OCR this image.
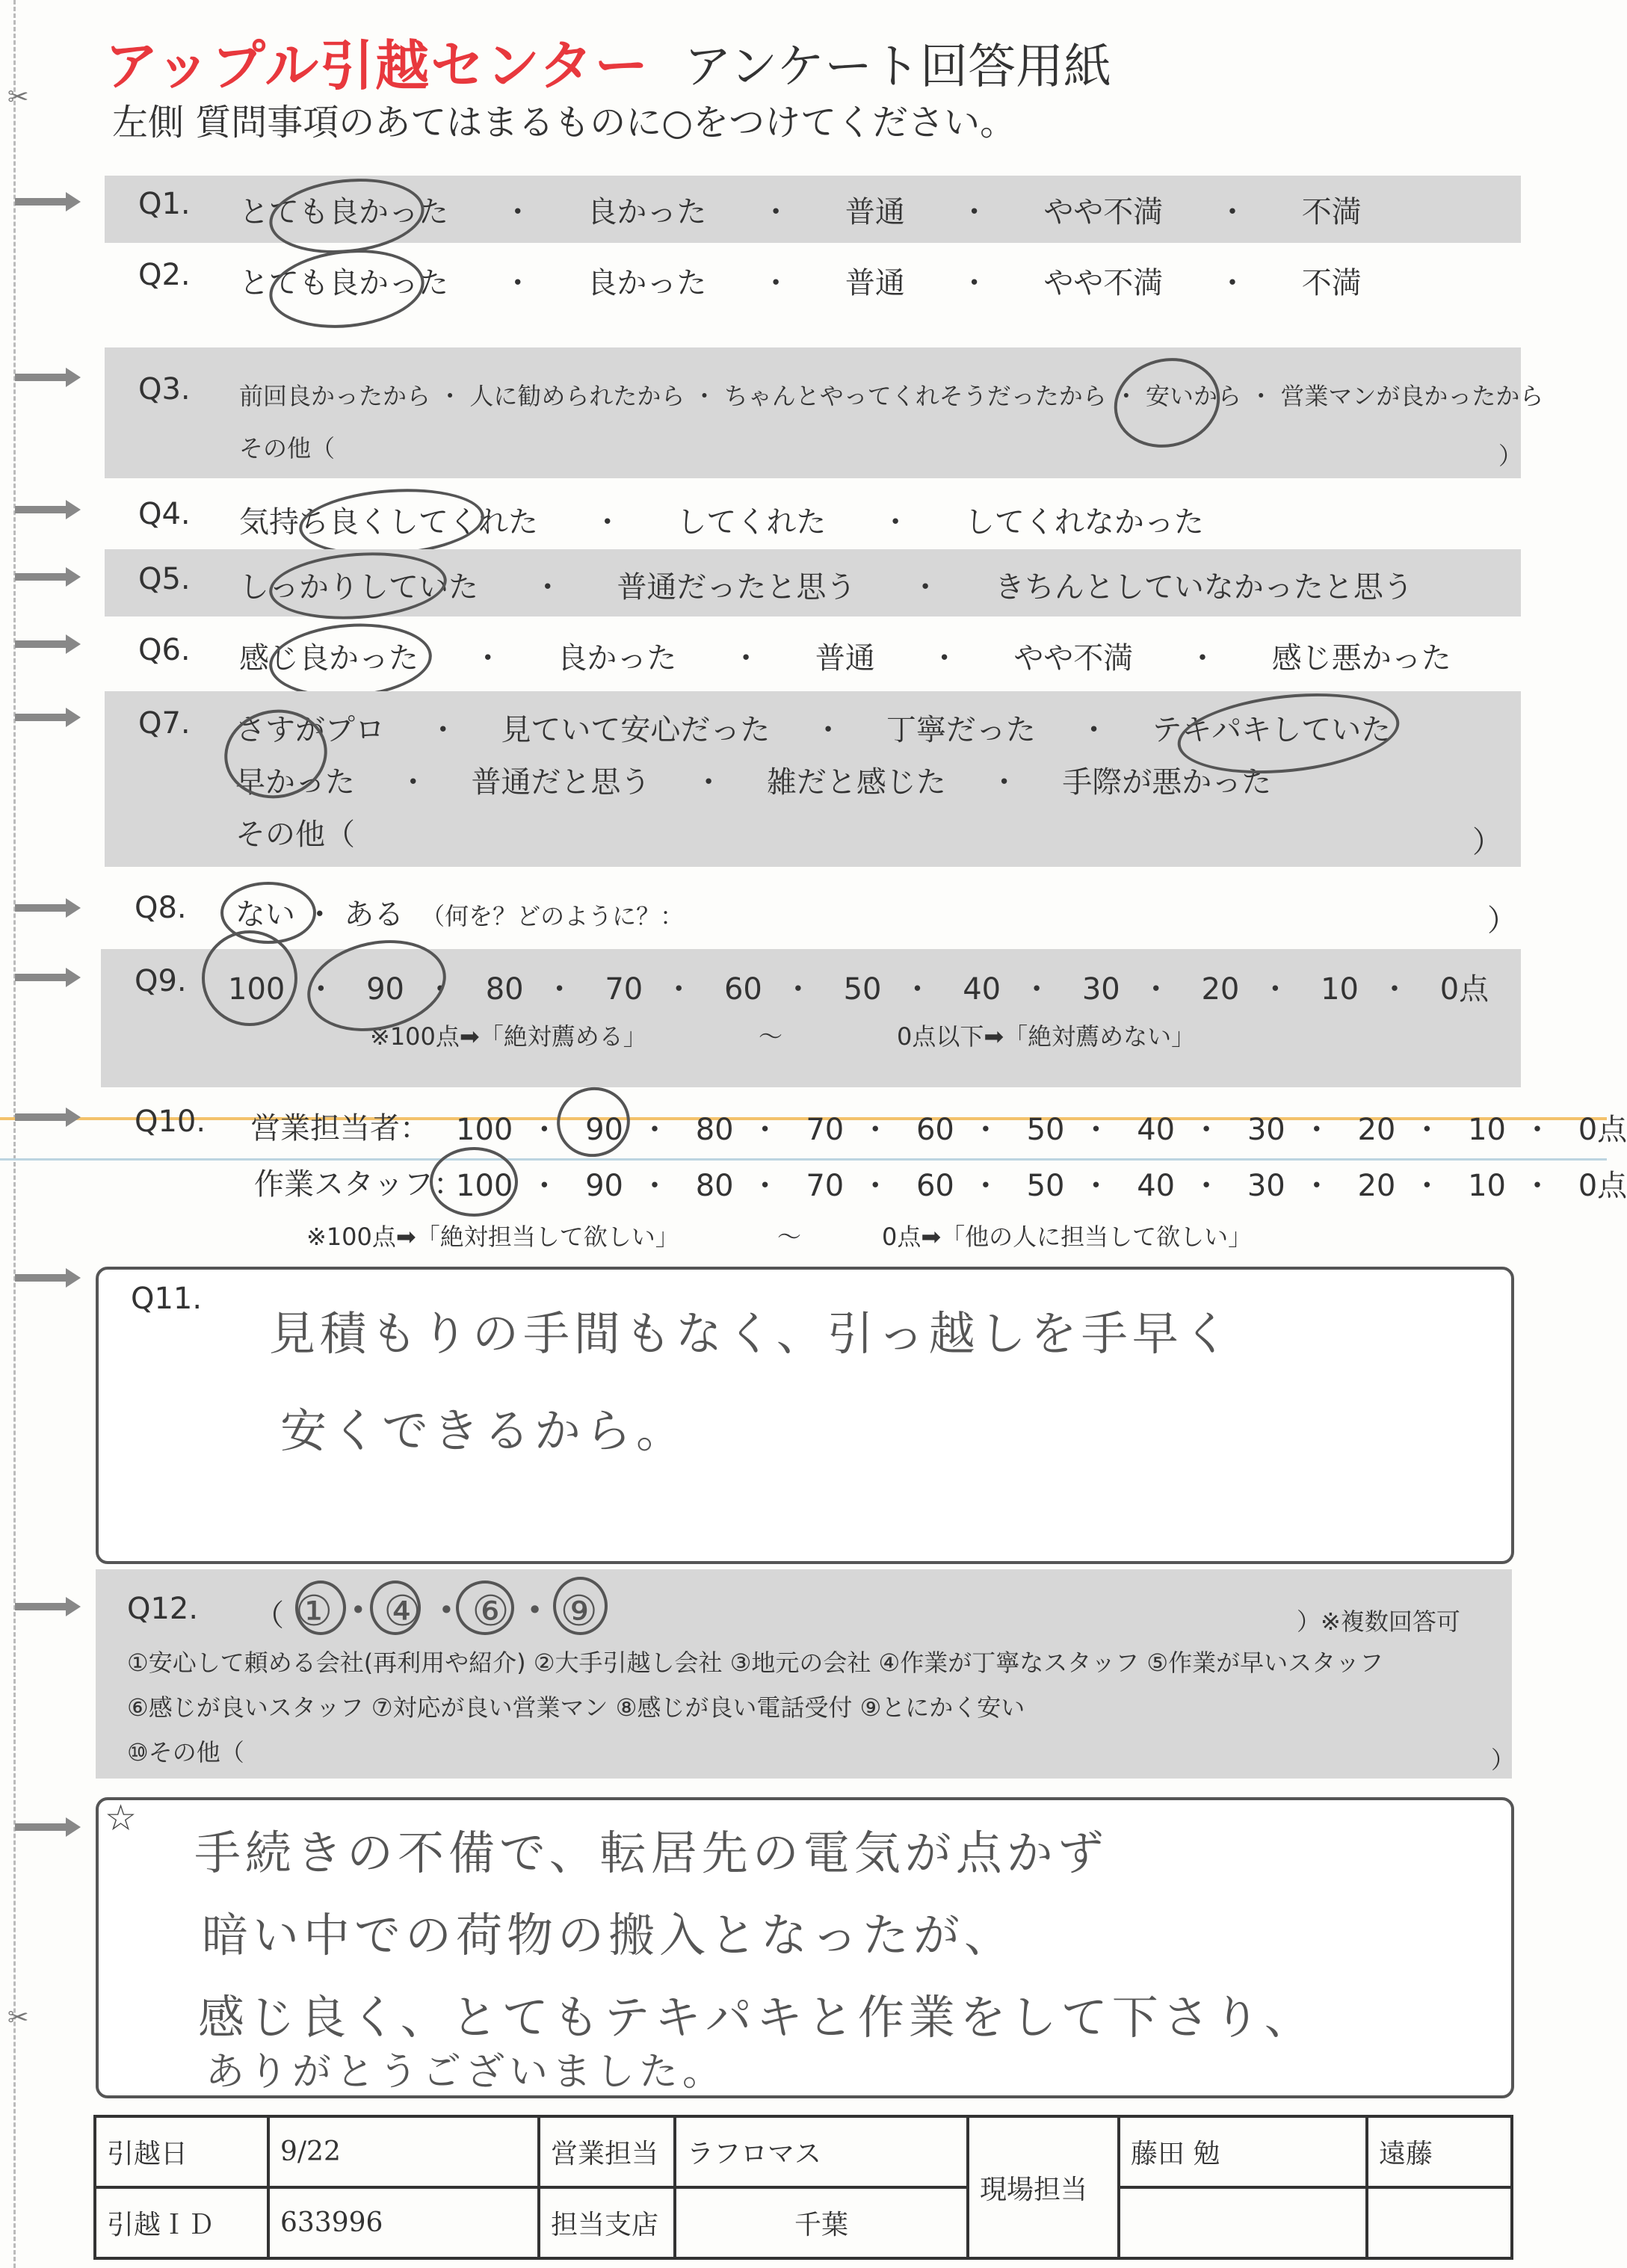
✂
✂
アップル引越センター アンケート回答用紙
左側 質問事項のあてはまるものに○をつけてください。
Q1. とても良かった ・ 良かった ・ 普通 ・ やや不満 ・ 不満
Q2. とても良かった ・ 良かった ・ 普通 ・ やや不満 ・ 不満
Q3. 前回良かったから ・ 人に勧められたから ・ ちゃんとやってくれそうだったから ・ 安いから ・ 営業マンが良かったから
その他（	）
Q4. 気持ち良くしてくれた ・ してくれた ・ してくれなかった
Q5. しっかりしていた ・ 普通だったと思う ・ きちんとしていなかったと思う
Q6. 感じ良かった ・ 良かった ・ 普通 ・ やや不満 ・ 感じ悪かった
Q7. さすがプロ ・ 見ていて安心だった ・ 丁寧だった ・ テキパキしていた
早かった ・ 普通だと思う ・ 雑だと感じた ・ 手際が悪かった
その他（	）
Q8. ない ・ ある （何を？どのように？：	）
Q9. 100 ・ 90 ・ 80 ・ 70 ・ 60 ・ 50 ・ 40 ・ 30 ・ 20 ・ 10 ・ 0点
※100点➡「絶対薦める」	〜	0点以下➡「絶対薦めない」
Q10. 営業担当者： 100 ・ 90 ・ 80 ・ 70 ・ 60 ・ 50 ・ 40 ・ 30 ・ 20 ・ 10 ・ 0点
作業スタッフ：
100 ・ 90 ・ 80 ・ 70 ・ 60 ・ 50 ・ 40 ・ 30 ・ 20 ・ 10 ・ 0点
※100点➡「絶対担当して欲しい」	〜	0点➡「他の人に担当して欲しい」
Q11.
見積もりの手間もなく、引っ越しを手早く
安くできるから。
Q12. （ ①・④・⑥・⑨	）※複数回答可
①安心して頼める会社(再利用や紹介) ②大手引越し会社 ③地元の会社 ④作業が丁寧なスタッフ ⑤作業が早いスタッフ
⑥感じが良いスタッフ ⑦対応が良い営業マン ⑧感じが良い電話受付 ⑨とにかく安い
⑩その他（	）
☆
手続きの不備で、転居先の電気が点かず
暗い中での荷物の搬入となったが、
感じ良く、とてもテキパキと作業をして下さり、
ありがとうございました。
引越日	9/22	営業担当	ラフロマス	現場担当	藤田 勉	遠藤
引越ＩＤ	633996	担当支店	千葉			
